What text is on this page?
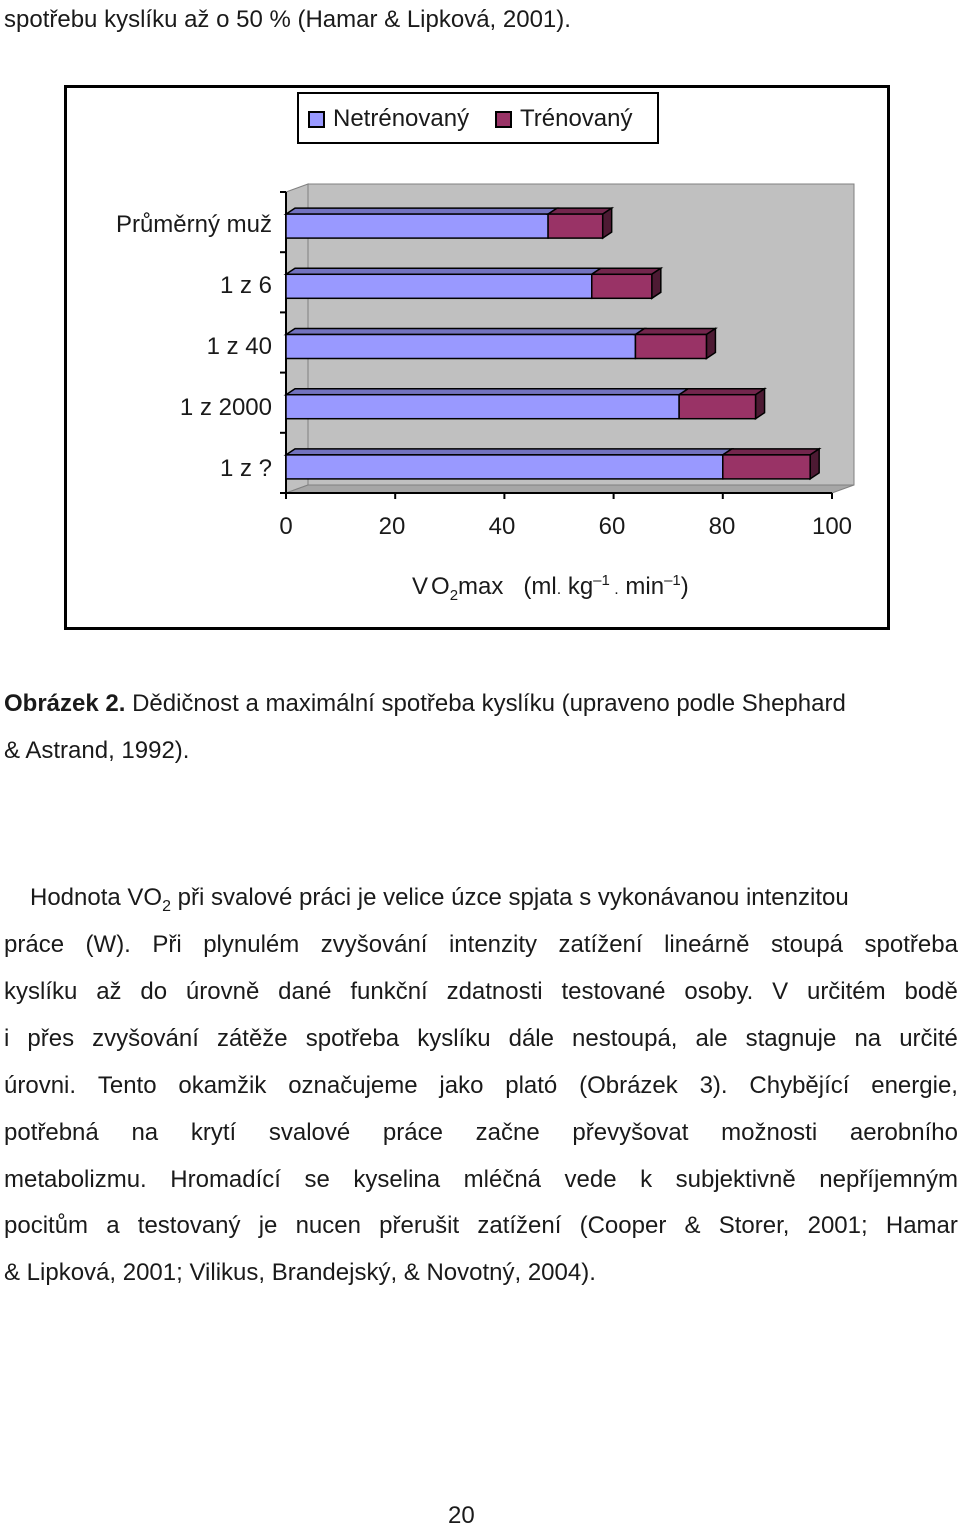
spotřebu kyslíku až o 50 % (Hamar & Lipková, 2001).
Netrénovaný Trénovaný
Průměrný muž
1 z 6
1 z 40
1 z 2000
1 z ?
0	20	40	60	80	100
$VO_2\max$   (ml. $kg^{-1}$ . $\min^{-1}$)
Obrázek 2. Dědičnost a maximální spotřeba kyslíku (upraveno podle Shephard
& Astrand, 1992).
Hodnota $VO_2$ při svalové práci je velice úzce spjata s vykonávanou intenzitou
práce (W). Při plynulém zvyšování intenzity zatížení lineárně stoupá spotřeba
kyslíku až do úrovně dané funkční zdatnosti testované osoby. V určitém bodě
i přes zvyšování zátěže spotřeba kyslíku dále nestoupá, ale stagnuje na určité
úrovni. Tento okamžik označujeme jako plató (Obrázek 3). Chybějící energie,
potřebná na krytí svalové práce začne převyšovat možnosti aerobního
metabolizmu. Hromadící se kyselina mléčná vede k subjektivně nepříjemným
pocitům a testovaný je nucen přerušit zatížení (Cooper & Storer, 2001; Hamar
& Lipková, 2001; Vilikus, Brandejský, & Novotný, 2004).
20
